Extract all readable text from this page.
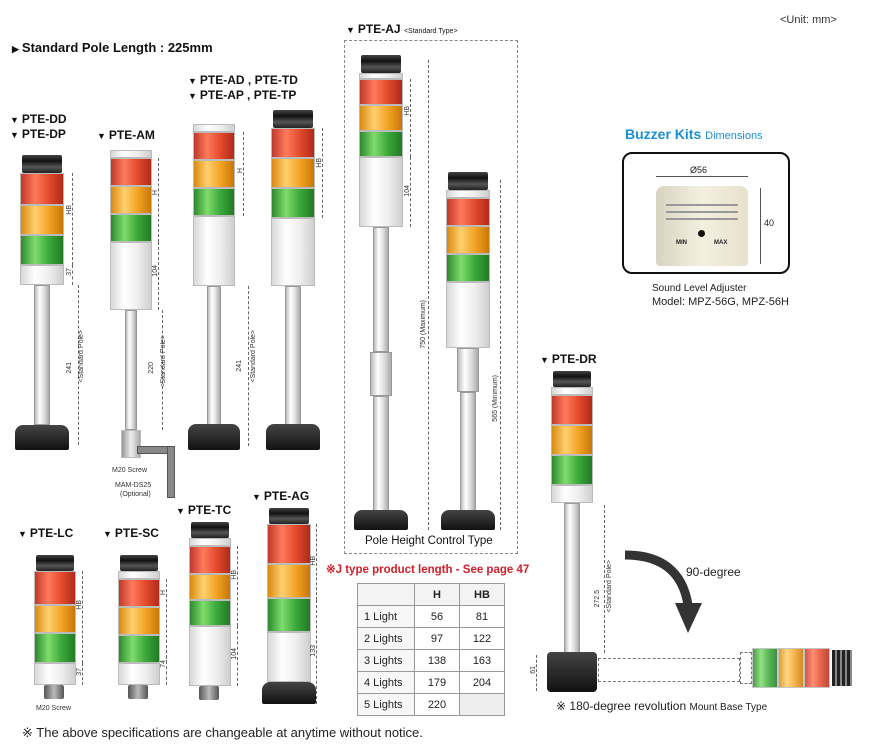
<Unit: mm>
▶ Standard Pole Length : 225mm
▼ PTE-DD
▼ PTE-DP	▼ PTE-AM
▼ PTE-AD , PTE-TD
▼ PTE-AP , PTE-TP
▼ PTE-AJ <Standard Type>
▼ PTE-LC	▼ PTE-SC
▼ PTE-TC
▼ PTE-AG
▼ PTE-DR
HB
37
241 <Standard Pole>
H
104
220 <Standard Pole>
M20 Screw
MAM-DS25
(Optional)
H
241 <Standard Pole>
HB
HB
104
750 (Maximum)
565 (Minimum)
Pole Height Control Type
※J type product length - See page 47
	H	HB
1 Light	56	81
2 Lights	97	122
3 Lights	138	163
4 Lights	179	204
5 Lights	220	
HB
37
M20 Screw
H
74
HB
104
HB
133
Buzzer Kits Dimensions
MIN	MAX
Ø56
40
Sound Level Adjuster
Model: MPZ-56G, MPZ-56H
272.5 <Standard Pole>
61
90-degree
※ 180-degree revolution Mount Base Type
※ The above specifications are changeable at anytime without notice.
